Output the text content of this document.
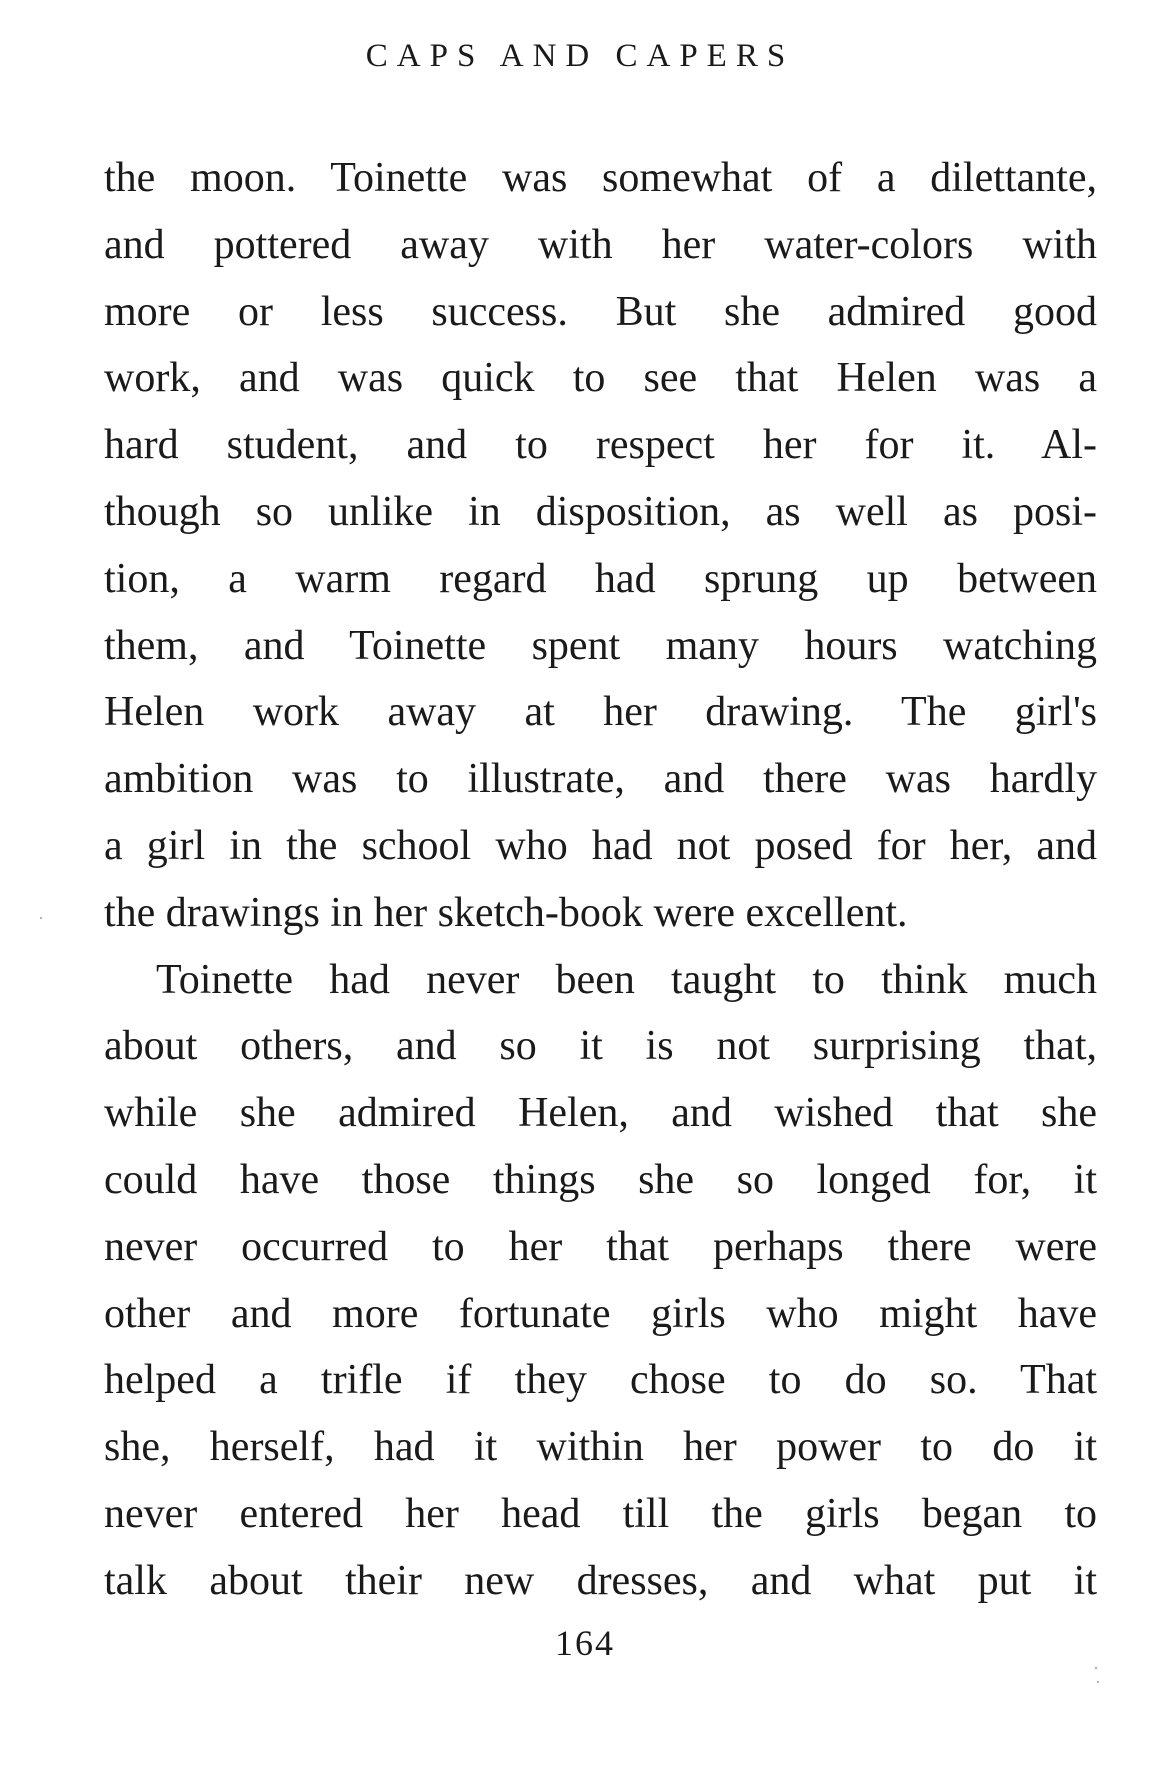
CAPS AND CAPERS
the moon. Toinette was somewhat of a dilettante,
and pottered away with her water-colors with
more or less success. But she admired good
work, and was quick to see that Helen was a
hard student, and to respect her for it. Al-
though so unlike in disposition, as well as posi-
tion, a warm regard had sprung up between
them, and Toinette spent many hours watching
Helen work away at her drawing. The girl's
ambition was to illustrate, and there was hardly
a girl in the school who had not posed for her, and
the drawings in her sketch-book were excellent.
Toinette had never been taught to think much
about others, and so it is not surprising that,
while she admired Helen, and wished that she
could have those things she so longed for, it
never occurred to her that perhaps there were
other and more fortunate girls who might have
helped a trifle if they chose to do so. That
she, herself, had it within her power to do it
never entered her head till the girls began to
talk about their new dresses, and what put it
164
